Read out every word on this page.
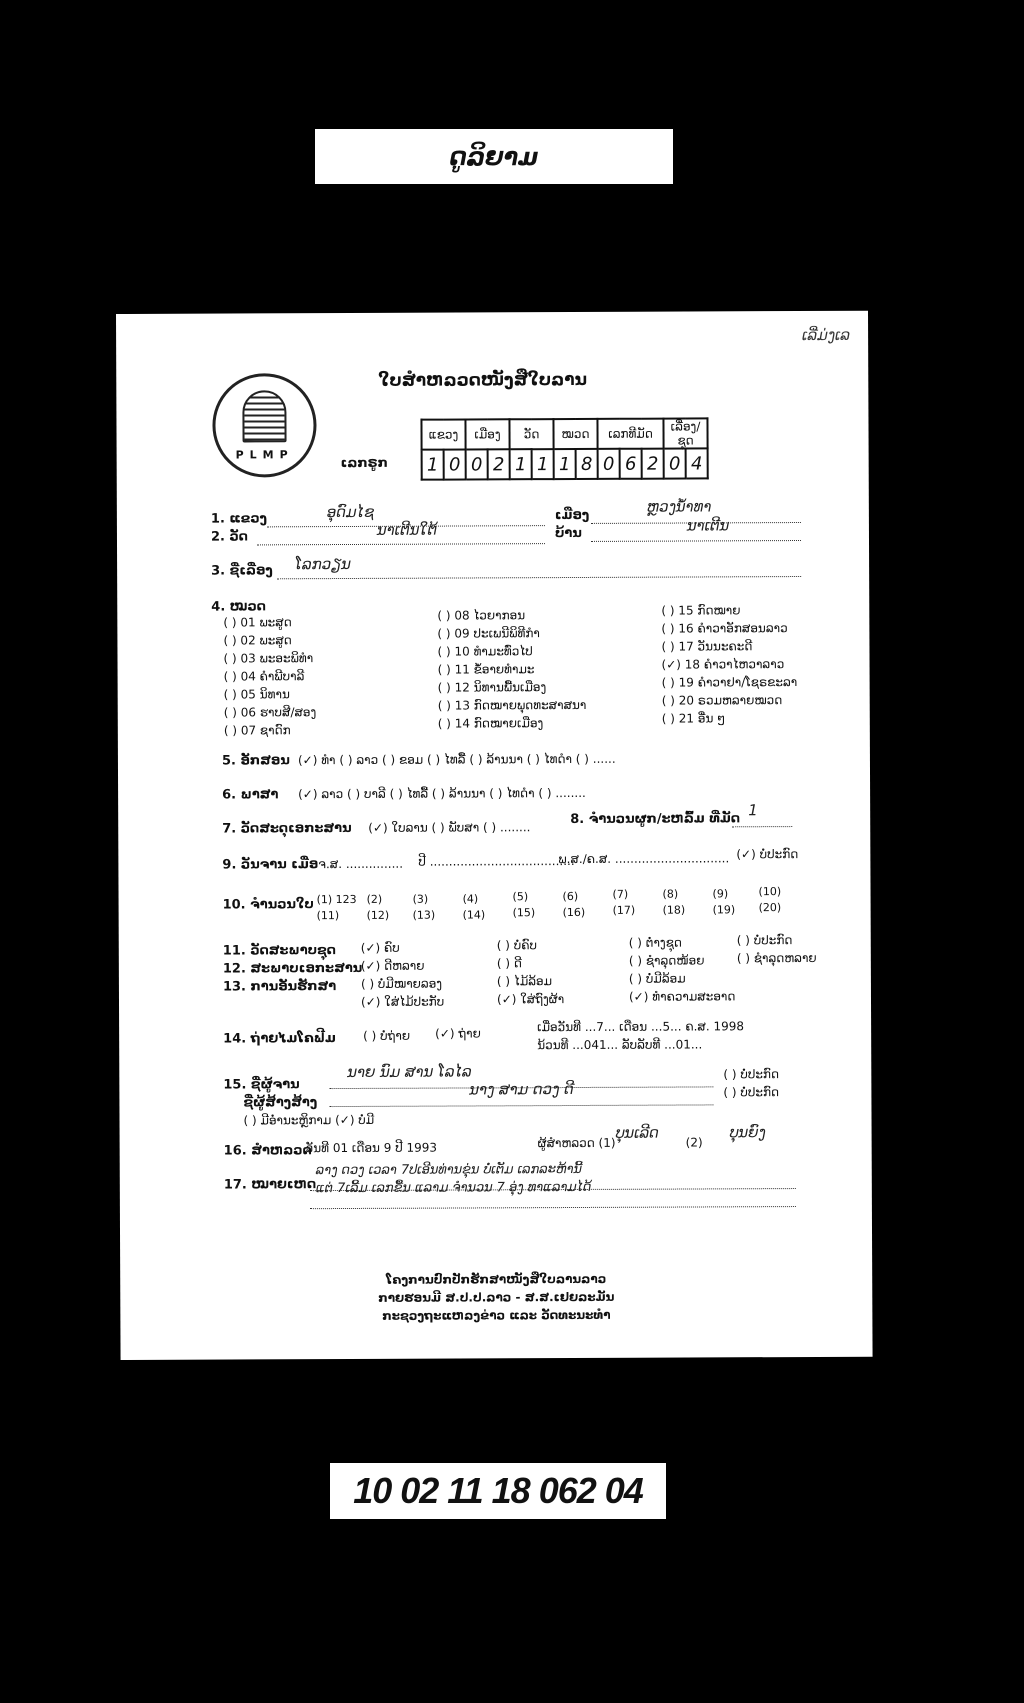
ດູລິຍາມ
ເລີ່ມ່ງເລ
ໃບສຳຫລວດໜັງສືໃບລານ
PLMP
ເລກຣູກ
ແຂວງ		ເມືອງ		ວັດ		ໝວດ		ເລກທີມັດ			ເລື່ອງ/ຊຸດ	
1	0	0	2	1	1	1	8	0	6	2	0	4
1. ແຂວງ	ອຸດົມໄຊ	ເມືອງ	ຫຼວງນ້ຳທາ
2. ວັດ	ນາເຕີນໃຕ້	ບ້ານ	ນາເຕີນ
3. ຊື່ເລື່ອງ ໂລກວຽນ
4. ໝວດ
( ) 01 ພະສູດ
( ) 02 ພະສູດ
( ) 03 ພະອະພິທຳ
( ) 04 ຄຳພີບາລີ
( ) 05 ນິທານ
( ) 06 ຮາບສີ/ສອງ
( ) 07 ຊາດົກ
( ) 08 ໄວຍາກອນ
( ) 09 ປະເພນີພິທີກຳ
( ) 10 ທຳມະທົ່ວໄປ
( ) 11 ຂໍ້ອາຍທຳມະ
( ) 12 ນິທານພື້ນເມືອງ
( ) 13 ກົດໝາຍພຸດທະສາສນາ
( ) 14 ກົດໝາຍເມືອງ
( ) 15 ກົດໝາຍ
( ) 16 ຄຳວາອັກສອນລາວ
( ) 17 ວັນນະຄະດີ
(✓) 18 ຄຳວາໄຫວາລາວ
( ) 19 ຄຳວາຢາ/ໂຊຣຂະລາ
( ) 20 ຣວມຫລາຍໝວດ
( ) 21 ອື່ນ ໆ
5. ອັກສອນ (✓) ທຳ ( ) ລາວ ( ) ຂອມ ( ) ໄທລື້ ( ) ລ້ານນາ ( ) ໄທດຳ ( ) ......
6. ພາສາ (✓) ລາວ ( ) ບາລີ ( ) ໄທລື້ ( ) ລ້ານນາ ( ) ໄທດຳ ( ) ........
7. ວັດສະດຸເອກະສານ (✓) ໃບລານ ( ) ພັບສາ ( ) ........
8. ຈຳນວນຜູກ/ະຫລົ້ມ ທີ່ມັດ 1
9. ວັນຈານ ເມື່ອ ຈ.ສ. ............... ປີ ......................................
ພ.ສ./ຄ.ສ. .............................. (✓) ບໍ່ປະກົດ
10. ຈຳນວນໃບ (1) 123 (2)	(3)	(4)	(5)	(6)	(7)	(8)	(9)	(10)
(11) (12) (13) (14) (15) (16) (17) (18) (19) (20)
11. ວັດສະພາບຊຸດ (✓) ຄົບ	( ) ບໍ່ຄົບ	( ) ຕໍ່າງຊຸດ	( ) ບໍ່ປະກົດ
12. ສະພາບເອກະສານ
(✓) ດີຫລາຍ	( ) ດີ	( ) ຊຳລຸດໜ້ອຍ	( ) ຊຳລຸດຫລາຍ
13. ການອັນຮັກສາ ( ) ບໍ່ມີໝາຍລອງ	( ) ໄມ້ລ້ອມ	( ) ບໍ່ມີລ້ອມ
(✓) ໃສ່ໄມ້ປະກັບ	(✓) ໃສ່ຖົງຜ້າ	(✓) ທຳຄວາມສະອາດ
14. ຖ່າຍໄມໂຄຟີມ ( ) ບໍ່ຖ່າຍ (✓) ຖ່າຍ	ເມື່ອວັນທີ ...7... ເດືອນ ...5... ຄ.ສ. 1998
ນ້ວນທີ ...041... ລັບລັບທີ ...01...
15. ຊື່ຜູ້ຈານ
ນາຍ ນົມ ສານ ໂລໄລ	( ) ບໍ່ປະກົດ
ຊື່ຜູ້ສ້າງສ້າງ
ນາງ ສາມ ດວງ ດີ	( ) ບໍ່ປະກົດ
( ) ມີອໍ່ານະຫຼິກາມ (✓) ບໍ່ມີ
16. ສຳຫລວດ
ວັນທີ 01 ເດືອນ 9 ປີ 1993	ຜູ້ສຳຫລວດ (1)
ບຸນເລີດ
(2)
ບຸນຍົງ
17. ໝາຍເຫດ
ລາງ ດວງ ເວລາ 7ປເອີນທ່ານຂຸ່ນ ບໍ່ເຕັມ ເລກລະຫ້ານີ້
ແຕ່ 7ເລີ້ມ ເລກຂື້ນ ແລາມ ຈຳນວນ 7 ອຸ່ງ ທາແລາມໄດ້
ໂຄງການປົກປັກຮັກສາໜັງສືໃບລານລາວ
ກາຍຮອນມີ ສ.ປ.ປ.ລາວ - ສ.ສ.ເຢຍລະມັນ
ກະຊວງຖະແຫລງຂ່າວ ແລະ ວັດທະນະທຳ
10 02 11 18 062 04
